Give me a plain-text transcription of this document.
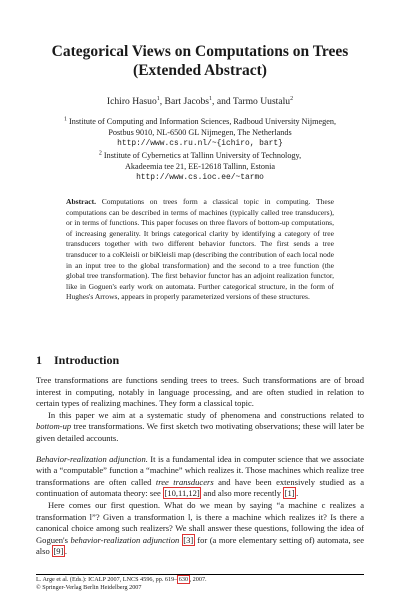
Categorical Views on Computations on Trees
(Extended Abstract)
Ichiro Hasuo$^1$, Bart Jacobs$^1$, and Tarmo Uustalu$^2$
$^1$ Institute of Computing and Information Sciences, Radboud University Nijmegen,
Postbus 9010, NL-6500 GL Nijmegen, The Netherlands
http://www.cs.ru.nl/~{ichiro, bart}
$^2$ Institute of Cybernetics at Tallinn University of Technology,
Akadeemia tee 21, EE-12618 Tallinn, Estonia
http://www.cs.ioc.ee/~tarmo
Abstract. Computations on trees form a classical topic in computing. These computations can be described in terms of machines (typically called tree transducers), or in terms of functions. This paper focuses on three flavors of bottom-up computations, of increasing generality. It brings categorical clarity by identifying a category of tree transducers together with two different behavior functors. The first sends a tree transducer to a coKleisli or biKleisli map (describing the contribution of each local node in an input tree to the global transformation) and the second to a tree function (the global tree transformation). The first behavior functor has an adjoint realization functor, like in Goguen's early work on automata. Further categorical structure, in the form of Hughes's Arrows, appears in properly parameterized versions of these structures.
1 Introduction

Tree transformations are functions sending trees to trees. Such transformations are of broad interest in computing, notably in language processing, and are often studied in relation to certain types of realizing machines. They form a classical topic.

In this paper we aim at a systematic study of phenomena and constructions related to bottom-up tree transformations. We first sketch two motivating observations; these will later be given detailed accounts.

Behavior-realization adjunction. It is a fundamental idea in computer science that we associate with a “computable” function a “machine” which realizes it. Those machines which realize tree transformations are often called tree transducers and have been extensively studied as a continuation of automata theory: see [10,11,12] and also more recently [1] .

Here comes our first question. What do we mean by saying “a machine c realizes a transformation l”? Given a transformation l, is there a machine which realizes it? Is there a canonical choice among such realizers? We shall answer these questions, following the idea of Goguen's behavior-realization adjunction [3] for (a more elementary setting of) automata, see also [9] .

L. Arge et al. (Eds.): ICALP 2007, LNCS 4596, pp. 619– 630 , 2007.
© Springer-Verlag Berlin Heidelberg 2007
